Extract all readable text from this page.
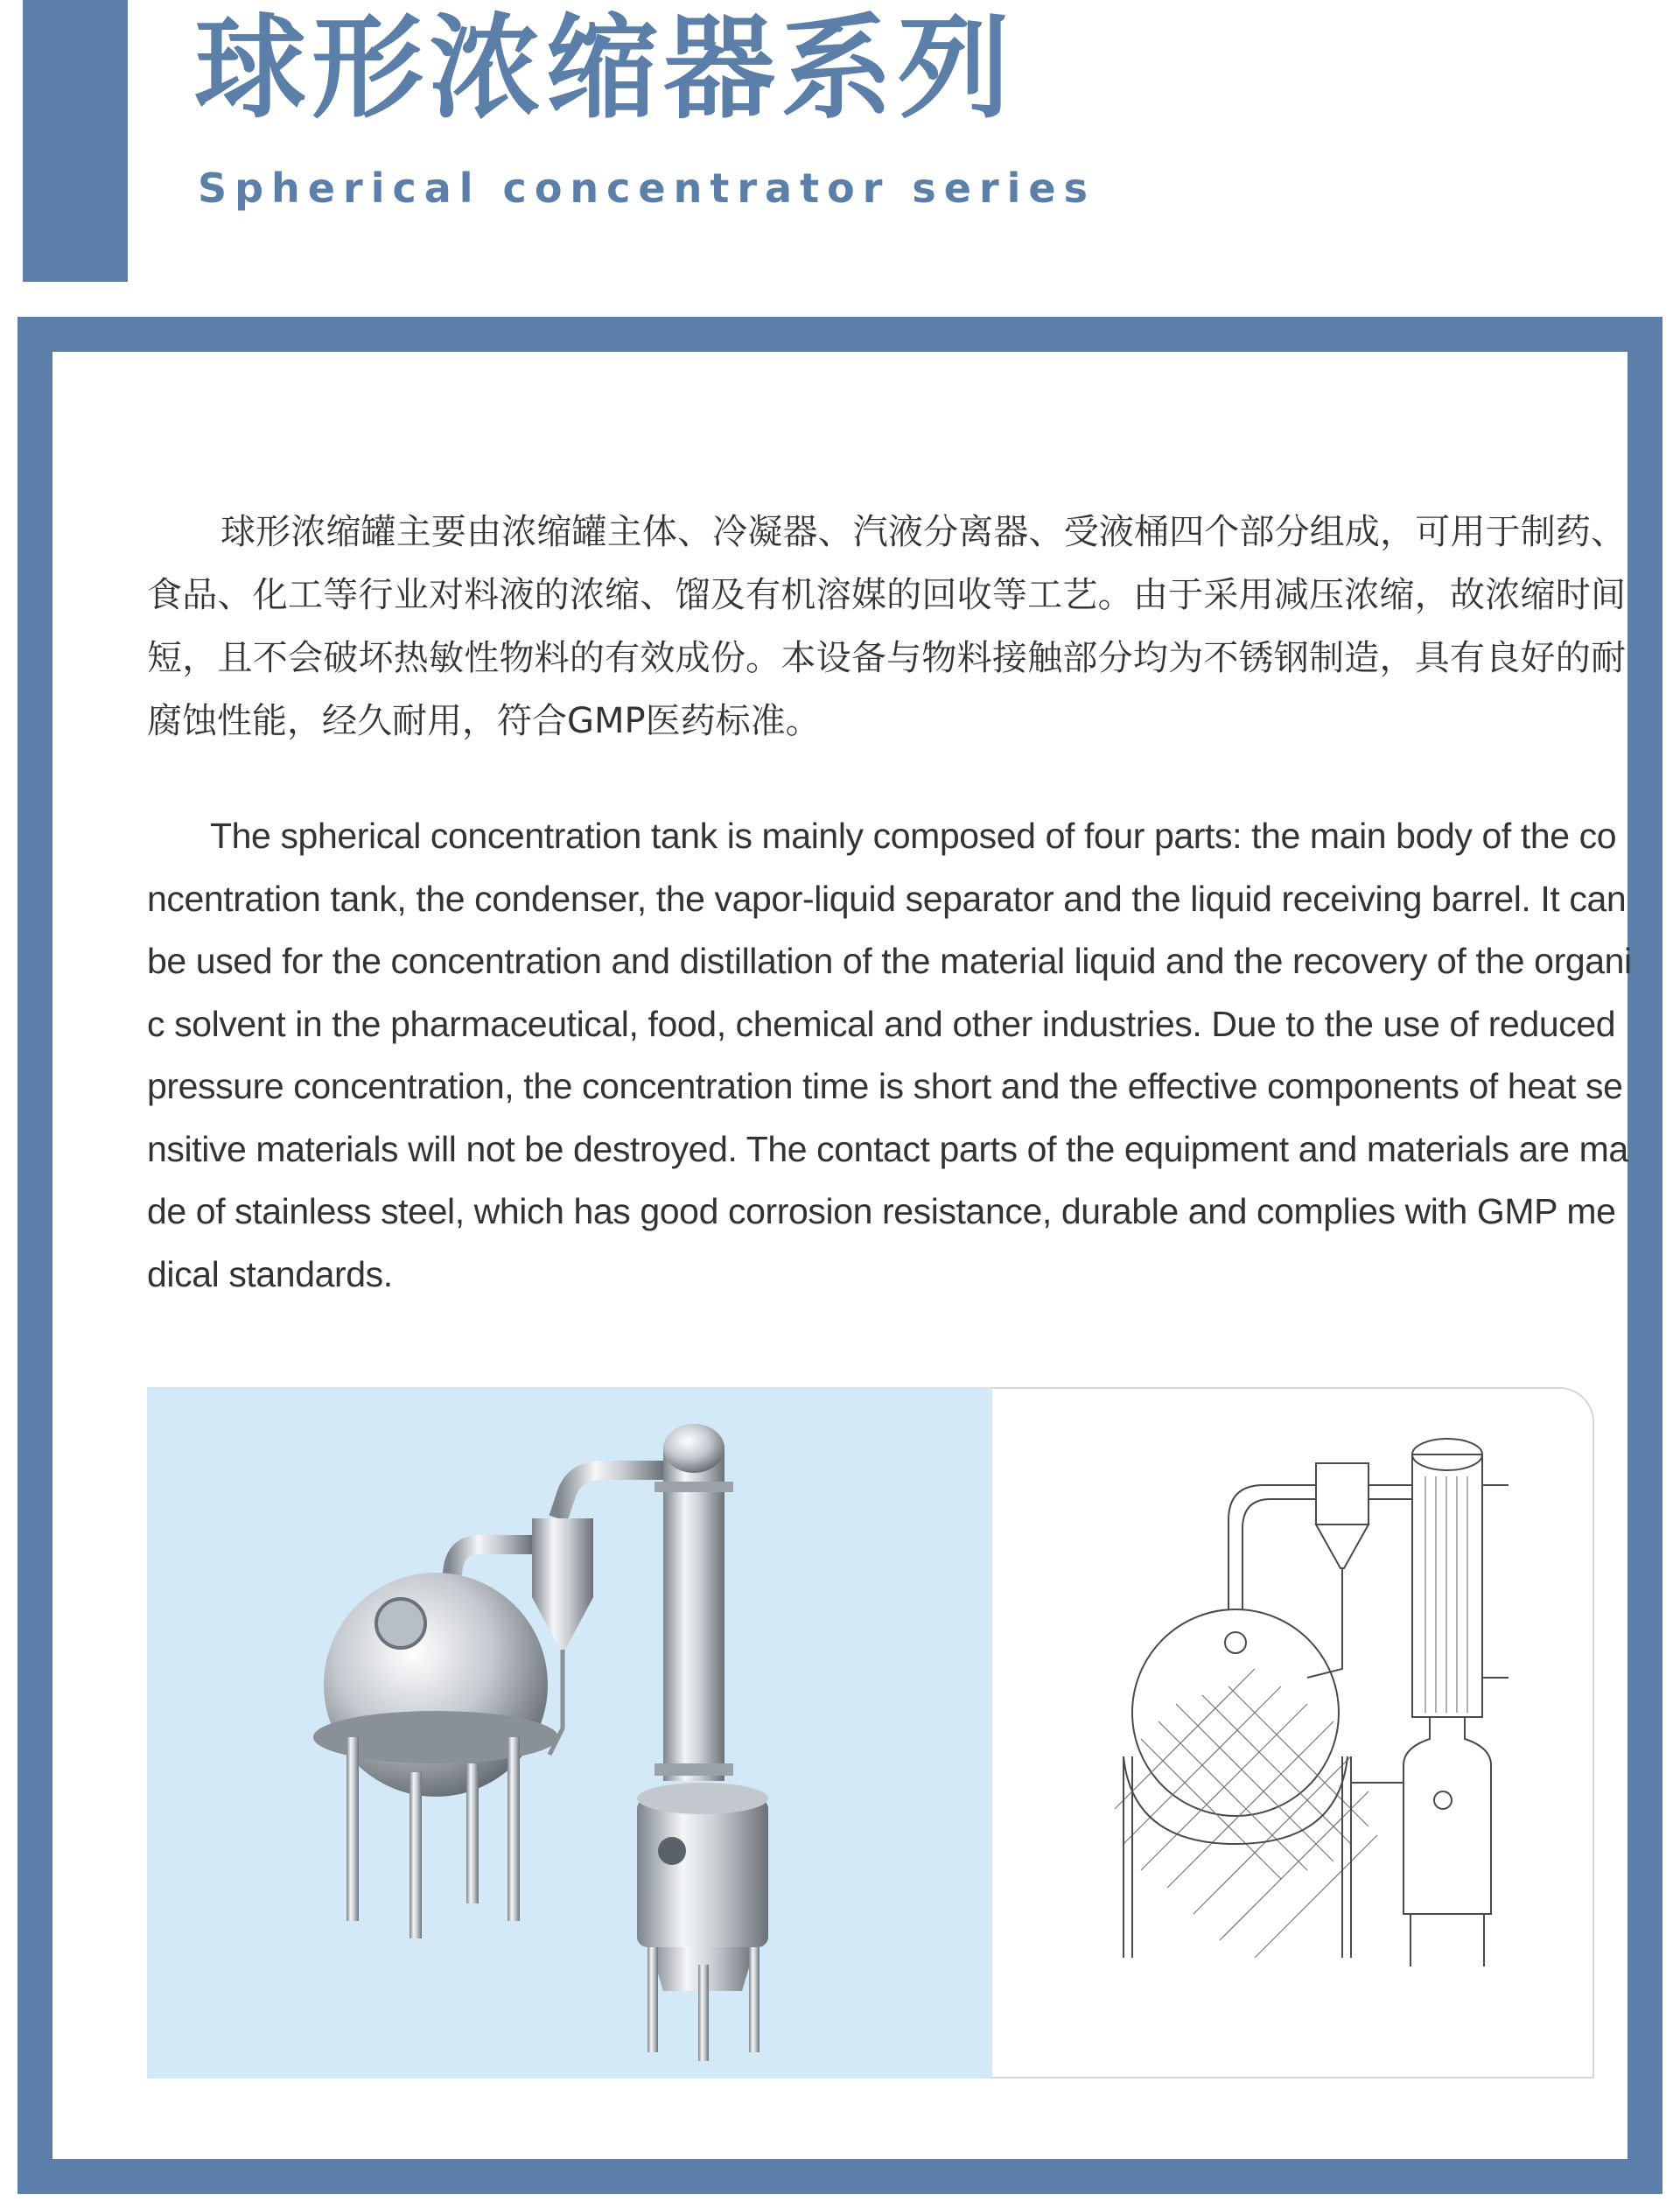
球形浓缩器系列
Spherical concentrator series

球形浓缩罐主要由浓缩罐主体、冷凝器、汽液分离器、受液桶四个部分组成，可用于制药、食品、化工等行业对料液的浓缩、馏及有机溶媒的回收等工艺。由于采用减压浓缩，故浓缩时间短，且不会破坏热敏性物料的有效成份。本设备与物料接触部分均为不锈钢制造，具有良好的耐腐蚀性能，经久耐用，符合GMP医药标准。

The spherical concentration tank is mainly composed of four parts: the main body of the concentration tank, the condenser, the vapor-liquid separator and the liquid receiving barrel. It can be used for the concentration and distillation of the material liquid and the recovery of the organic solvent in the pharmaceutical, food, chemical and other industries. Due to the use of reduced pressure concentration, the concentration time is short and the effective components of heat sensitive materials will not be destroyed. The contact parts of the equipment and materials are made of stainless steel, which has good corrosion resistance, durable and complies with GMP medical standards.
